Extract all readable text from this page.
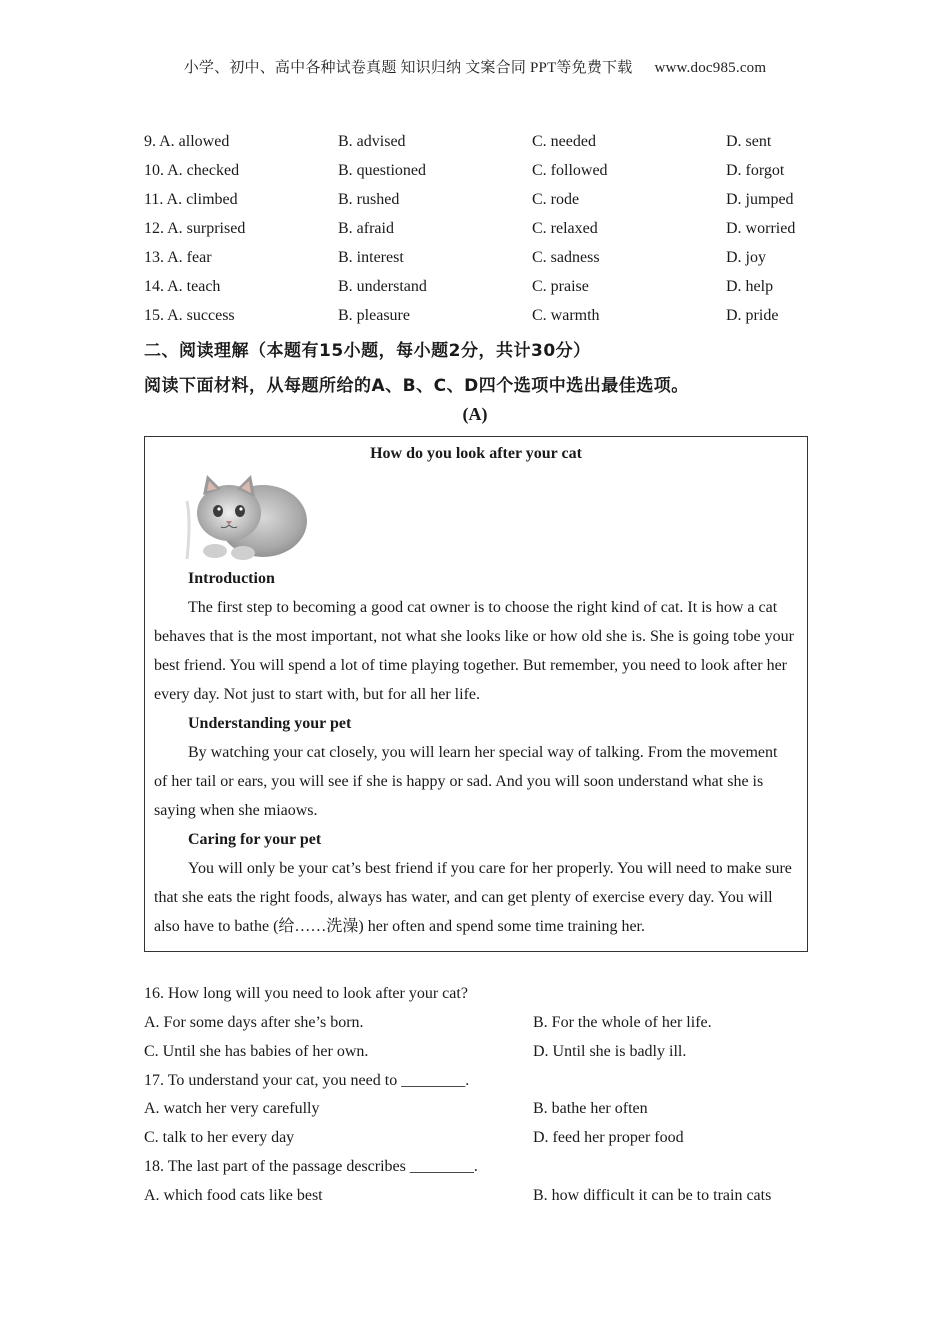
小学、初中、高中各种试卷真题 知识归纳 文案合同 PPT等免费下载 www.doc985.com
9. A. allowed	B. advised	C. needed	D. sent
10. A. checked	B. questioned	C. followed	D. forgot
11. A. climbed	B. rushed	C. rode	D. jumped
12. A. surprised	B. afraid	C. relaxed	D. worried
13. A. fear	B. interest	C. sadness	D. joy
14. A. teach	B. understand	C. praise	D. help
15. A. success	B. pleasure	C. warmth	D. pride
二、阅读理解（本题有15小题，每小题2分，共计30分）
阅读下面材料，从每题所给的A、B、C、D四个选项中选出最佳选项。
(A)
How do you look after your cat
Introduction

The first step to becoming a good cat owner is to choose the right kind of cat. It is how a cat behaves that is the most important, not what she looks like or how old she is. She is going tobe your best friend. You will spend a lot of time playing together. But remember, you need to look after her every day. Not just to start with, but for all her life.

Understanding your pet

By watching your cat closely, you will learn her special way of talking. From the movement of her tail or ears, you will see if she is happy or sad. And you will soon understand what she is saying when she miaows.

Caring for your pet

You will only be your cat’s best friend if you care for her properly. You will need to make sure that she eats the right foods, always has water, and can get plenty of exercise every day. You will also have to bathe (给……洗澡) her often and spend some time training her.

16. How long will you need to look after your cat?
A. For some days after she’s born.	B. For the whole of her life.
C. Until she has babies of her own.	D. Until she is badly ill.
17. To understand your cat, you need to ________.
A. watch her very carefully	B. bathe her often
C. talk to her every day	D. feed her proper food
18. The last part of the passage describes ________.
A. which food cats like best	B. how difficult it can be to train cats
